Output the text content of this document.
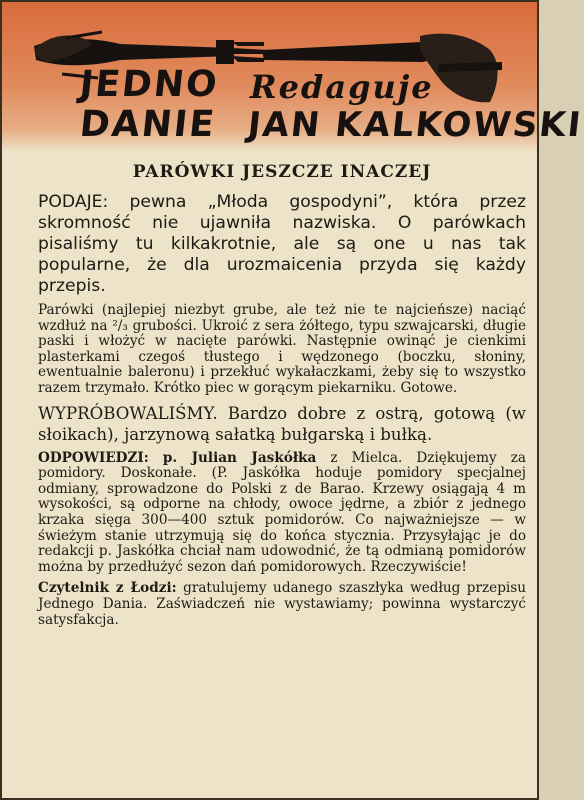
JEDNO
DANIE
Redaguje
JAN KALKOWSKI
PARÓWKI JESZCZE INACZEJ

PODAJE: pewna „Młoda gospodyni”, która przez skromność nie ujawniła nazwiska. O parówkach pisaliśmy tu kilkakrotnie, ale są one u nas tak popularne, że dla urozmaicenia przyda się każdy przepis.

Parówki (najlepiej niezbyt grube, ale też nie te najcieńsze) naciąć wzdłuż na ²/₃ grubości. Ukroić z sera żółtego, typu szwajcarski, długie paski i włożyć w nacięte parówki. Następnie owinąć je cienkimi plasterkami czegoś tłustego i wędzonego (boczku, słoniny, ewentualnie baleronu) i przekłuć wykałaczkami, żeby się to wszystko razem trzymało. Krótko piec w gorącym piekarniku. Gotowe.

WYPRÓBOWALIŚMY. Bardzo dobre z ostrą, gotową (w słoikach), jarzynową sałatką bułgarską i bułką.

ODPOWIEDZI: p. Julian Jaskółka z Mielca. Dziękujemy za pomidory. Doskonałe. (P. Jaskółka hoduje pomidory specjalnej odmiany, sprowadzone do Polski z de Barao. Krzewy osiągają 4 m wysokości, są odporne na chłody, owoce jędrne, a zbiór z jednego krzaka sięga 300—400 sztuk pomidorów. Co najważniejsze — w świeżym stanie utrzymują się do końca stycznia. Przysyłając je do redakcji p. Jaskółka chciał nam udowodnić, że tą odmianą pomidorów można by przedłużyć sezon dań pomidorowych. Rzeczywiście!

Czytelnik z Łodzi: gratulujemy udanego szaszłyka według przepisu Jednego Dania. Zaświadczeń nie wystawiamy; powinna wystarczyć satysfakcja.
